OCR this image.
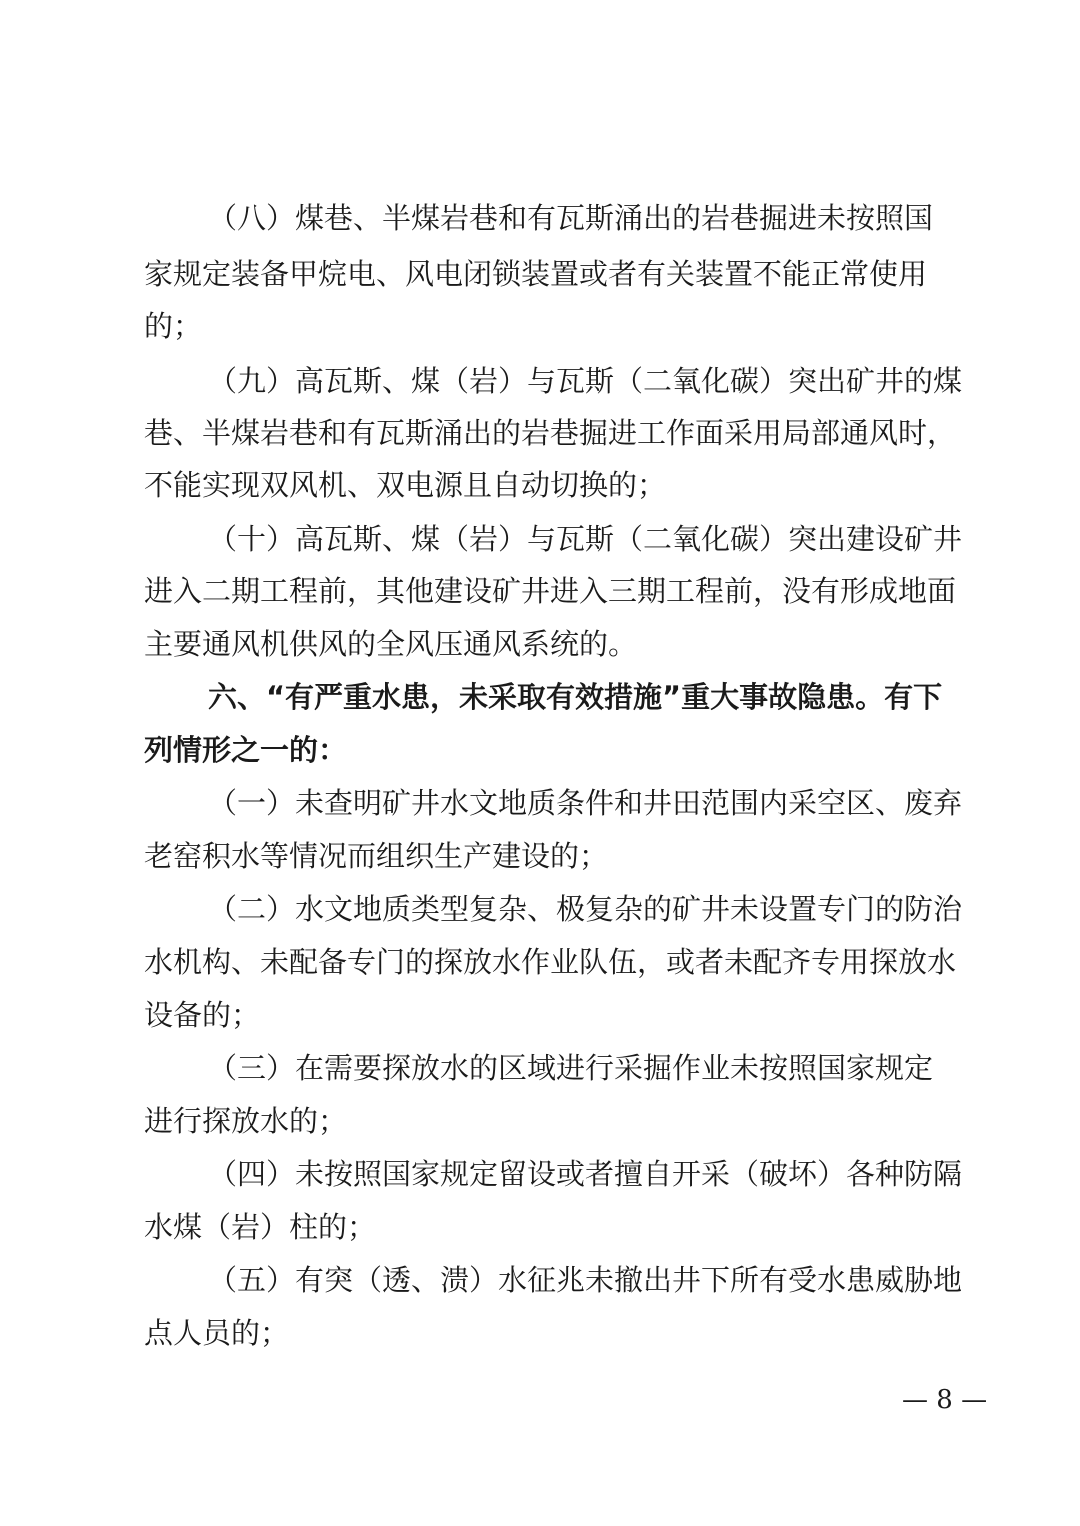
（八）煤巷、半煤岩巷和有瓦斯涌出的岩巷掘进未按照国
家规定装备甲烷电、风电闭锁装置或者有关装置不能正常使用
的；
（九）高瓦斯、煤（岩）与瓦斯（二氧化碳）突出矿井的煤
巷、半煤岩巷和有瓦斯涌出的岩巷掘进工作面采用局部通风时，
不能实现双风机、双电源且自动切换的；
（十）高瓦斯、煤（岩）与瓦斯（二氧化碳）突出建设矿井
进入二期工程前，其他建设矿井进入三期工程前，没有形成地面
主要通风机供风的全风压通风系统的。
六、“有严重水患，未采取有效措施”重大事故隐患。有下
列情形之一的：
（一）未查明矿井水文地质条件和井田范围内采空区、废弃
老窑积水等情况而组织生产建设的；
（二）水文地质类型复杂、极复杂的矿井未设置专门的防治
水机构、未配备专门的探放水作业队伍，或者未配齐专用探放水
设备的；
（三）在需要探放水的区域进行采掘作业未按照国家规定
进行探放水的；
（四）未按照国家规定留设或者擅自开采（破坏）各种防隔
水煤（岩）柱的；
（五）有突（透、溃）水征兆未撤出井下所有受水患威胁地
点人员的；
— 8 —
